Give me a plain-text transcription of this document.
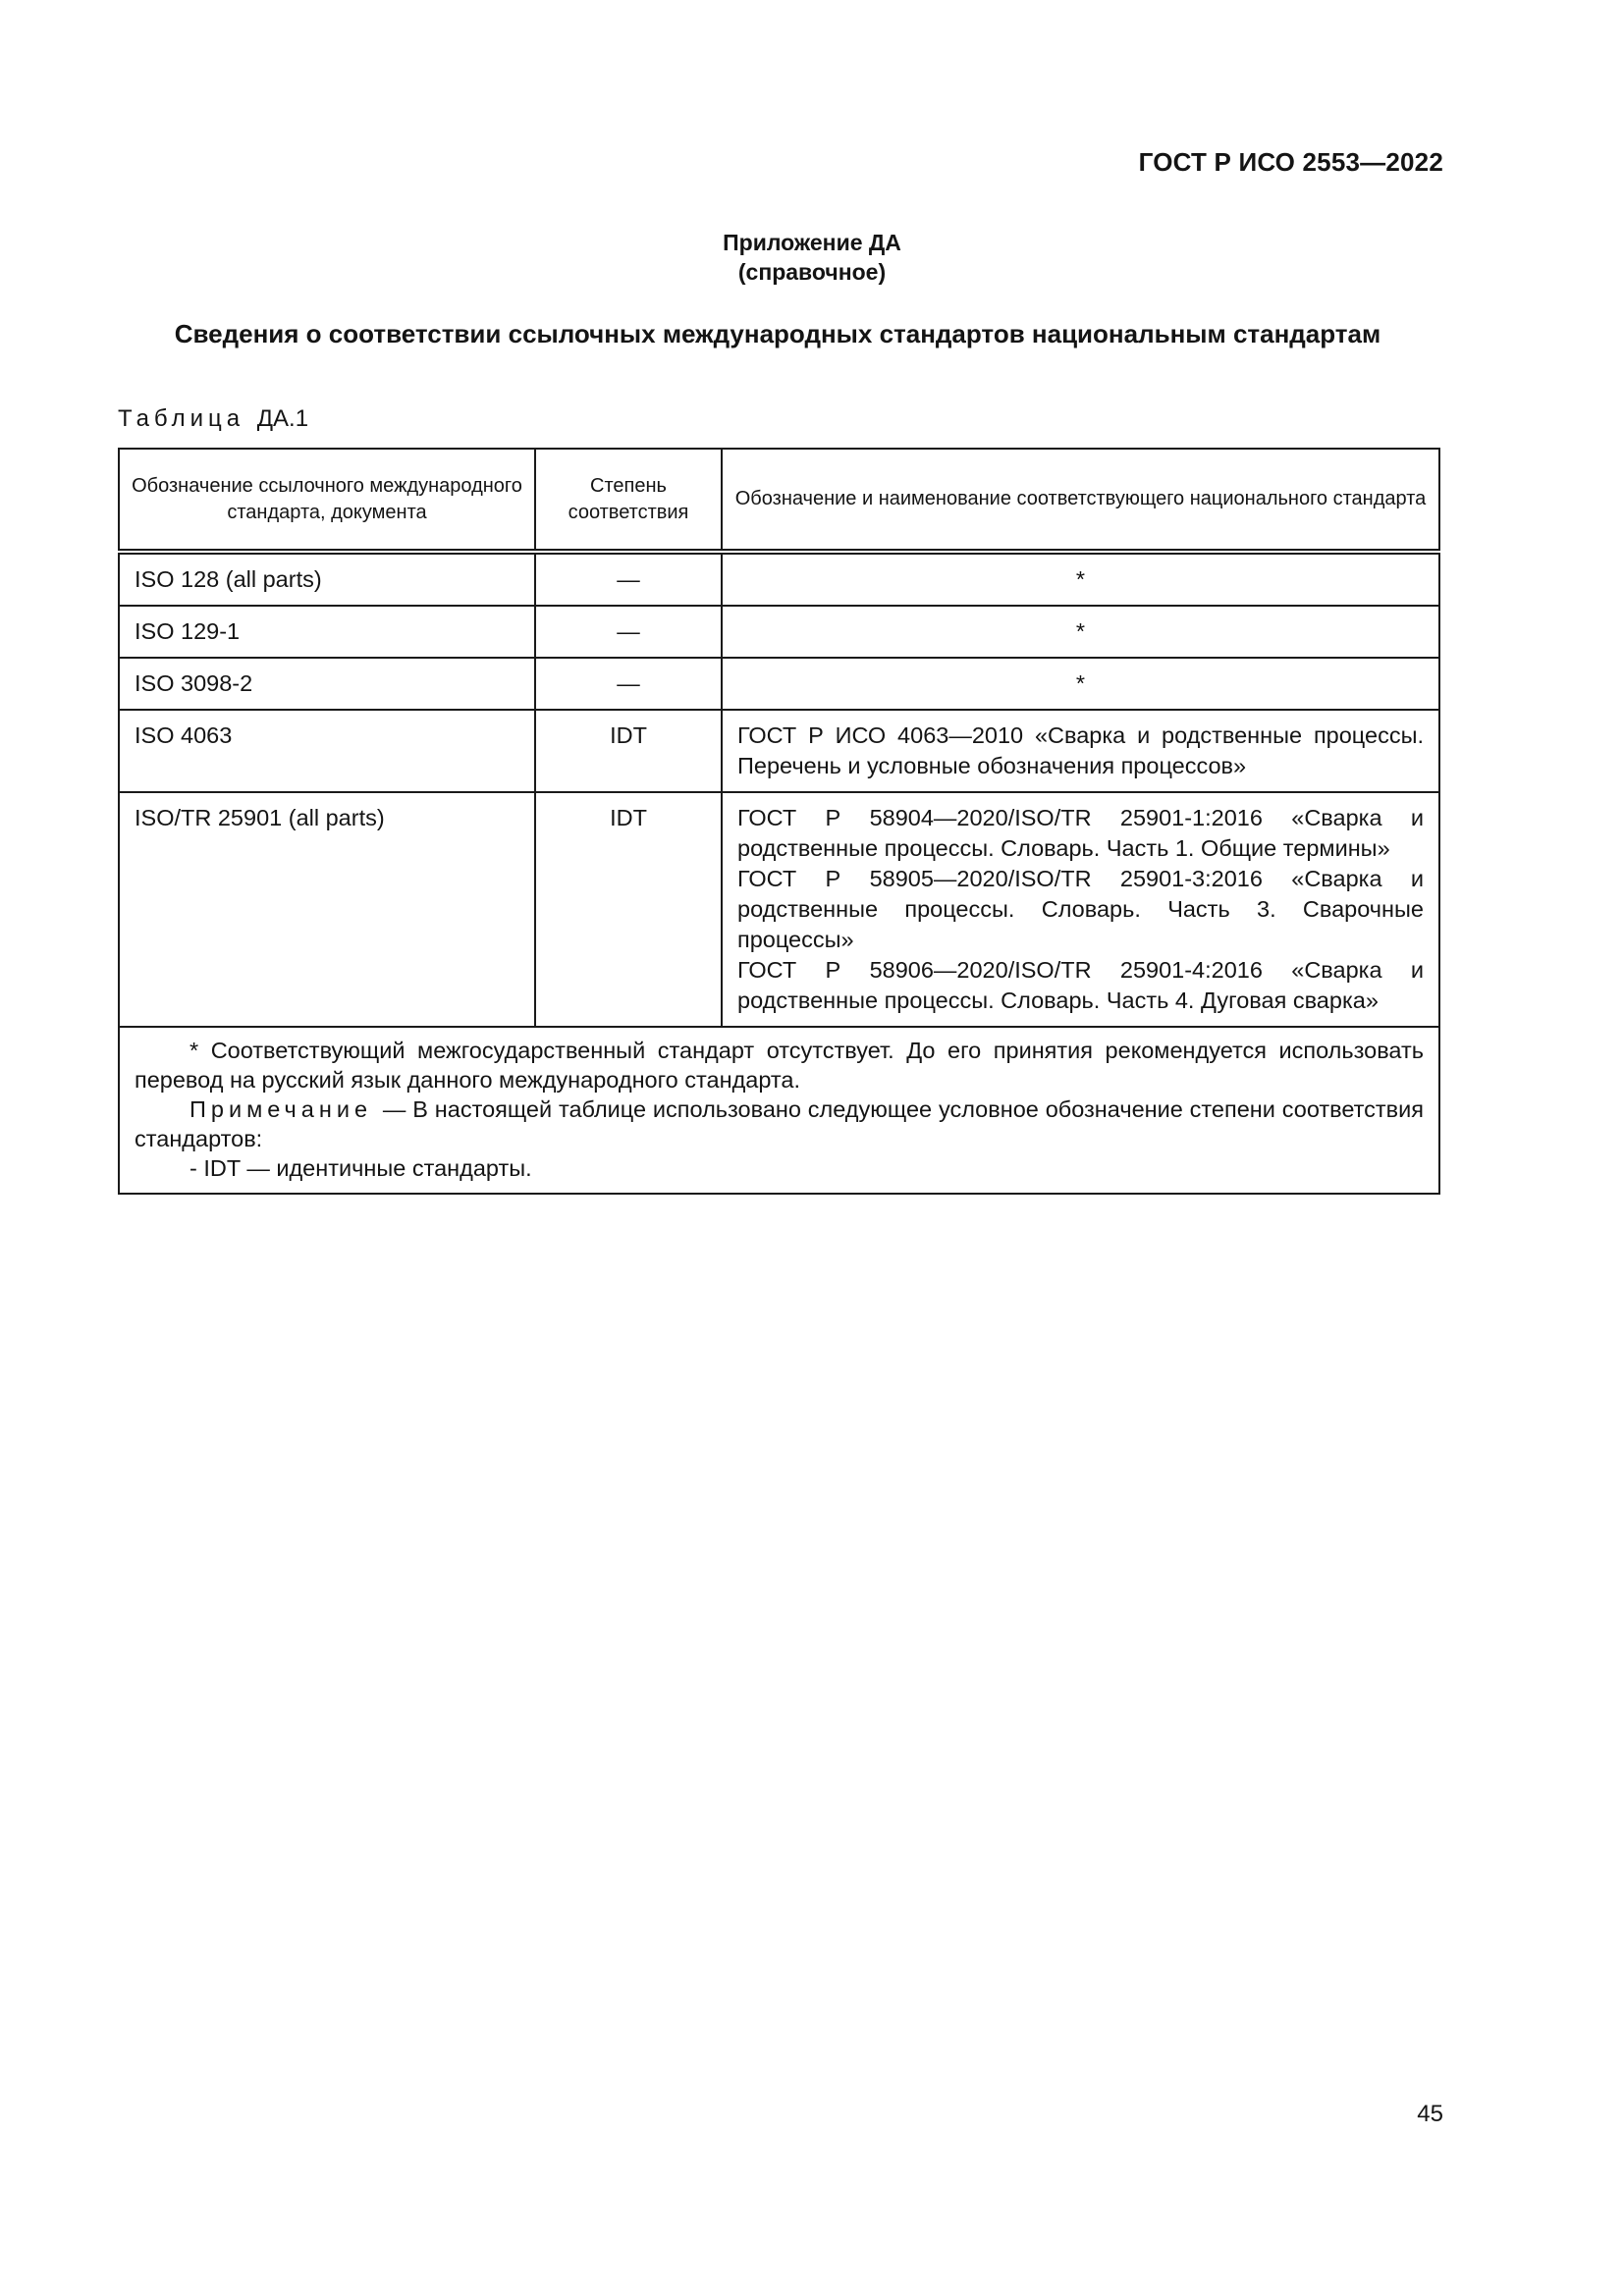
ГОСТ Р ИСО 2553—2022
Приложение ДА
(справочное)
Сведения о соответствии ссылочных международных стандартов национальным стандартам
Таблица ДА.1
Обозначение ссылочного международного стандарта, документа	Степень соответствия	Обозначение и наименование соответствующего национального стандарта

ISO 128 (all parts)	—	*

ISO 129-1	—	*

ISO 3098-2	—	*

ISO 4063	IDT	ГОСТ Р ИСО 4063—2010 «Сварка и родственные процессы. Перечень и условные обозначения процессов»

ISO/TR 25901 (all parts)	IDT	ГОСТ Р 58904—2020/ISO/TR 25901-1:2016 «Сварка и родственные процессы. Словарь. Часть 1. Общие термины»
ГОСТ Р 58905—2020/ISO/TR 25901-3:2016 «Сварка и родственные процессы. Словарь. Часть 3. Сварочные процессы»
ГОСТ Р 58906—2020/ISO/TR 25901-4:2016 «Сварка и родственные процессы. Словарь. Часть 4. Дуговая сварка»

* Соответствующий межгосударственный стандарт отсутствует. До его принятия рекомендуется использовать перевод на русский язык данного международного стандарта.

Примечание — В настоящей таблице использовано следующее условное обозначение степени соответствия стандартов:

- IDT — идентичные стандарты.		

45
